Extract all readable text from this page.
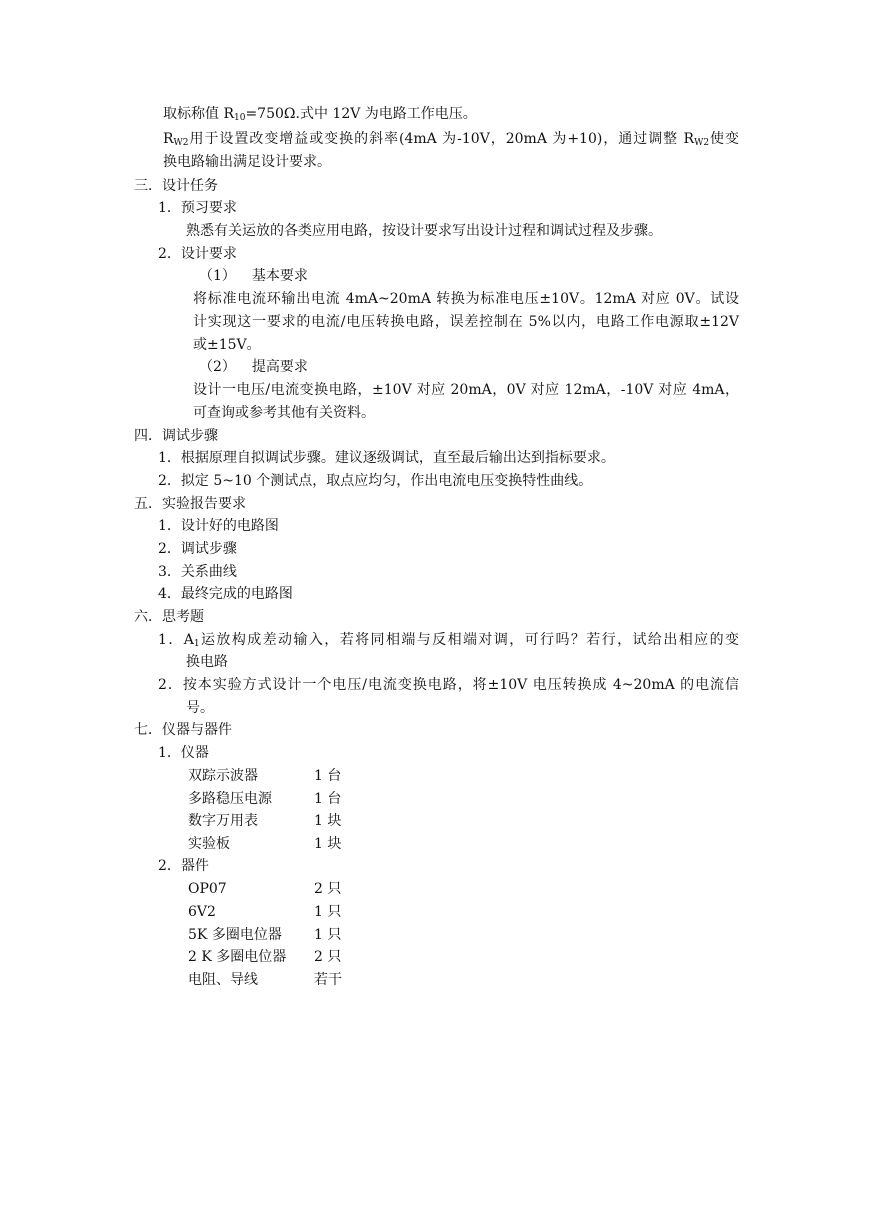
取标称值 $R_{10}=750\Omega$.式中 12V 为电路工作电压。
$R_{W2}$用于设置改变增益或变换的斜率(4mA 为-10V，20mA 为+10)，通过调整 $R_{W2}$使变
换电路输出满足设计要求。
三．设计任务
1．预习要求
熟悉有关运放的各类应用电路，按设计要求写出设计过程和调试过程及步骤。
2．设计要求
（1） 基本要求
将标准电流环输出电流 4mA~20mA 转换为标准电压±10V。12mA 对应 0V。试设
计实现这一要求的电流/电压转换电路，误差控制在 5%以内，电路工作电源取±12V
或±15V。
（2） 提高要求
设计一电压/电流变换电路，±10V 对应 20mA，0V 对应 12mA，-10V 对应 4mA，
可查询或参考其他有关资料。
四．调试步骤
1．根据原理自拟调试步骤。建议逐级调试，直至最后输出达到指标要求。
2．拟定 5~10 个测试点，取点应均匀，作出电流电压变换特性曲线。
五．实验报告要求
1．设计好的电路图
2．调试步骤
3．关系曲线
4．最终完成的电路图
六．思考题
1．$A_1$运放构成差动输入，若将同相端与反相端对调，可行吗？若行，试给出相应的变
换电路
2．按本实验方式设计一个电压/电流变换电路，将±10V 电压转换成 4~20mA 的电流信
号。
七．仪器与器件
1．仪器
双踪示波器	1 台
多路稳压电源	1 台
数字万用表	1 块
实验板	1 块
2．器件
OP07	2 只
6V2	1 只
5K 多圈电位器 1 只
2 K 多圈电位器 2 只
电阻、导线	若干
